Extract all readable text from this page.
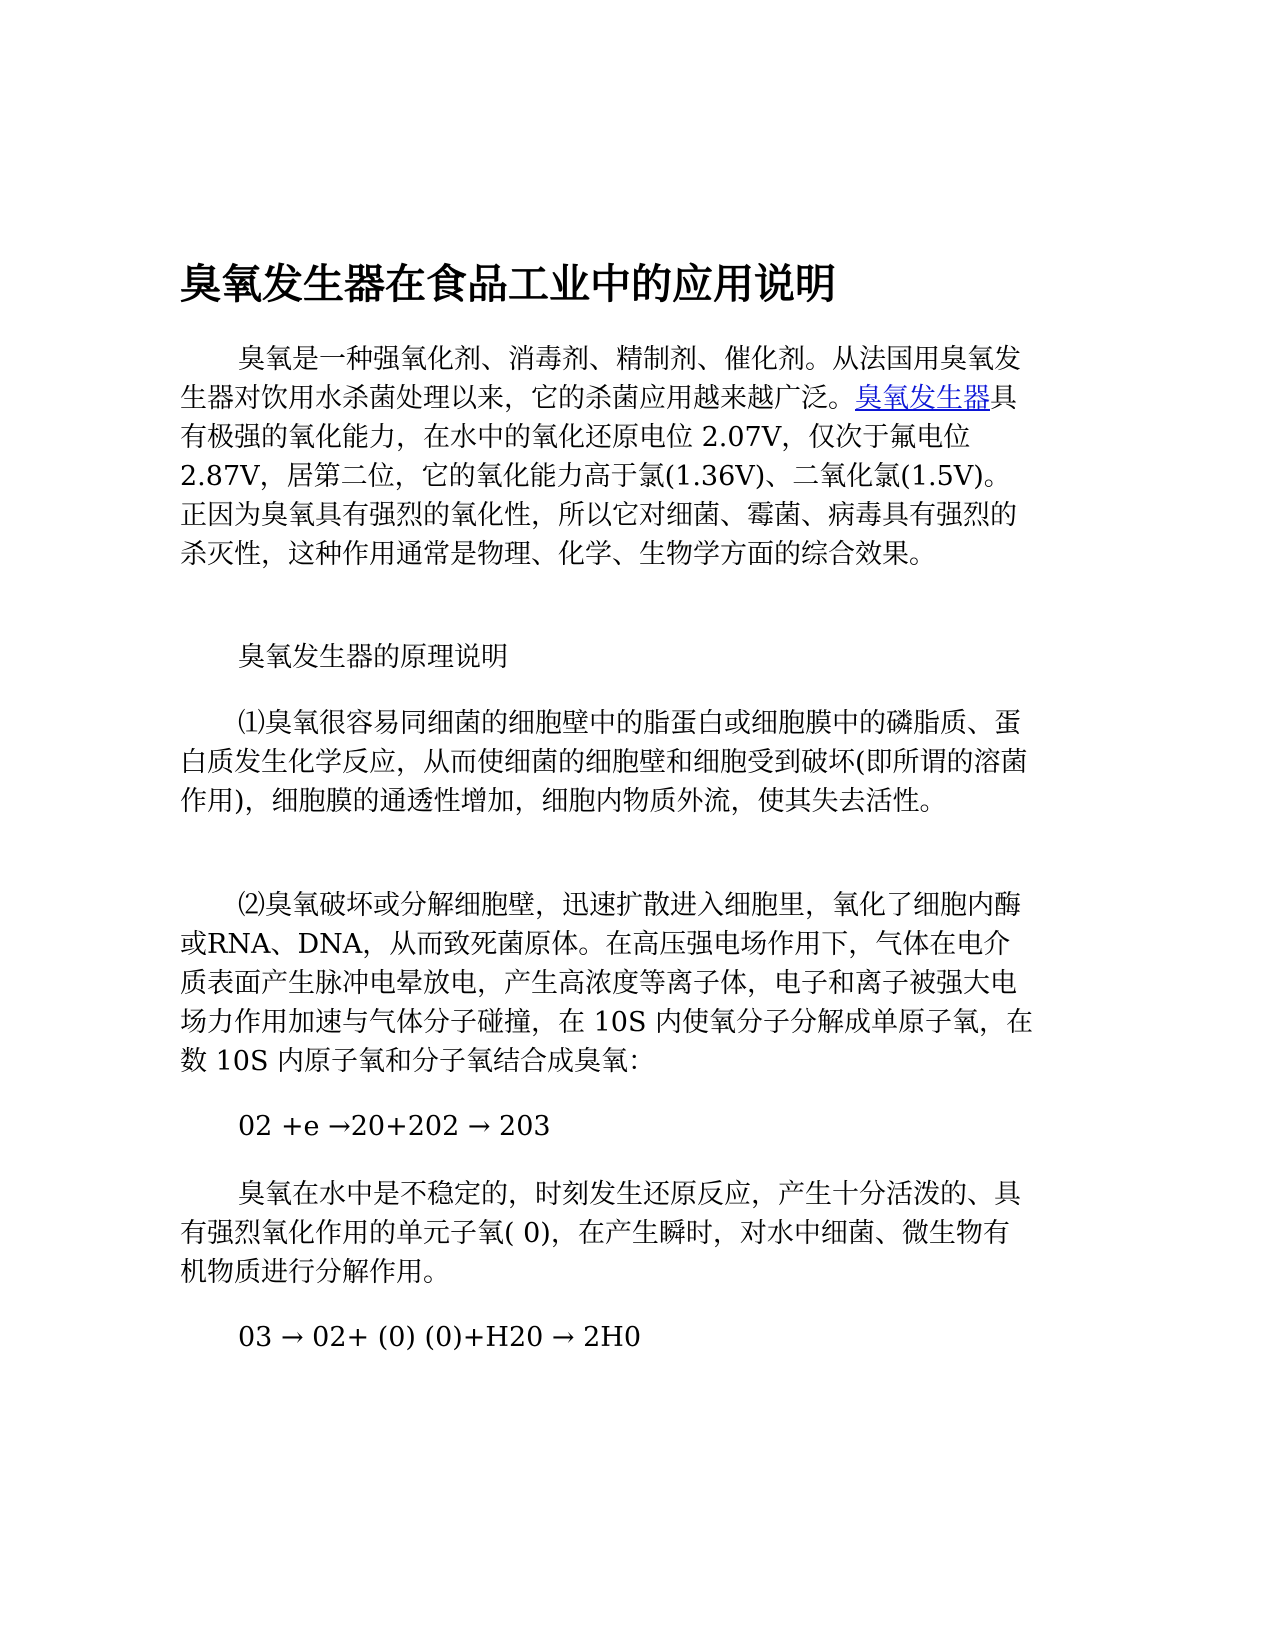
臭氧发生器在食品工业中的应用说明

臭氧是一种强氧化剂、消毒剂、精制剂、催化剂。从法国用臭氧发生器对饮用水杀菌处理以来，它的杀菌应用越来越广泛。臭氧发生器具有极强的氧化能力，在水中的氧化还原电位 2.07V，仅次于氟电位 2.87V，居第二位，它的氧化能力高于氯(1.36V)、二氧化氯(1.5V)。正因为臭氧具有强烈的氧化性，所以它对细菌、霉菌、病毒具有强烈的杀灭性，这种作用通常是物理、化学、生物学方面的综合效果。

臭氧发生器的原理说明

⑴臭氧很容易同细菌的细胞壁中的脂蛋白或细胞膜中的磷脂质、蛋白质发生化学反应，从而使细菌的细胞壁和细胞受到破坏(即所谓的溶菌作用)，细胞膜的通透性增加，细胞内物质外流，使其失去活性。

⑵臭氧破坏或分解细胞壁，迅速扩散进入细胞里，氧化了细胞内酶或RNA、DNA，从而致死菌原体。在高压强电场作用下，气体在电介质表面产生脉冲电晕放电，产生高浓度等离子体，电子和离子被强大电场力作用加速与气体分子碰撞，在 10S 内使氧分子分解成单原子氧，在数 10S 内原子氧和分子氧结合成臭氧：

02 +e →20+202 → 203

臭氧在水中是不稳定的，时刻发生还原反应，产生十分活泼的、具有强烈氧化作用的单元子氧( 0)，在产生瞬时，对水中细菌、微生物有机物质进行分解作用。

03 → 02+ (0) (0)+H20 → 2H0
